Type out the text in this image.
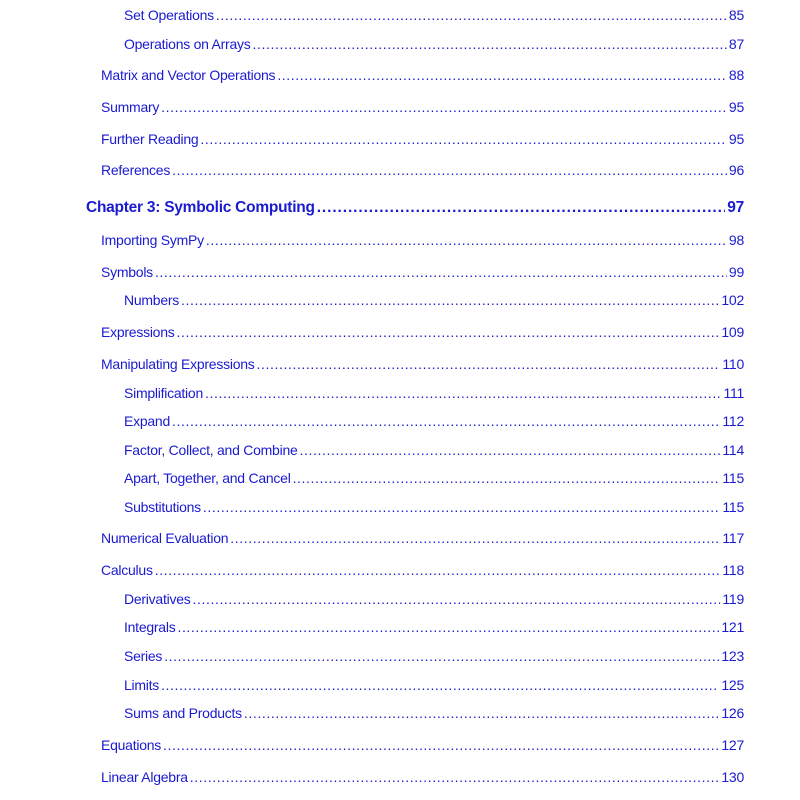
Set Operations .....	85
Operations on Arrays .....	87
Matrix and Vector Operations .....	88
Summary .....	95
Further Reading .....	95
References .....	96
Chapter 3: Symbolic Computing .....	97
Importing SymPy .....	98
Symbols .....	99
Numbers .....	102
Expressions .....	109
Manipulating Expressions .....	110
Simplification .....	111
Expand .....	112
Factor, Collect, and Combine .....	114
Apart, Together, and Cancel .....	115
Substitutions .....	115
Numerical Evaluation .....	117
Calculus .....	118
Derivatives .....	119
Integrals .....	121
Series .....	123
Limits .....	125
Sums and Products .....	126
Equations .....	127
Linear Algebra .....	130
